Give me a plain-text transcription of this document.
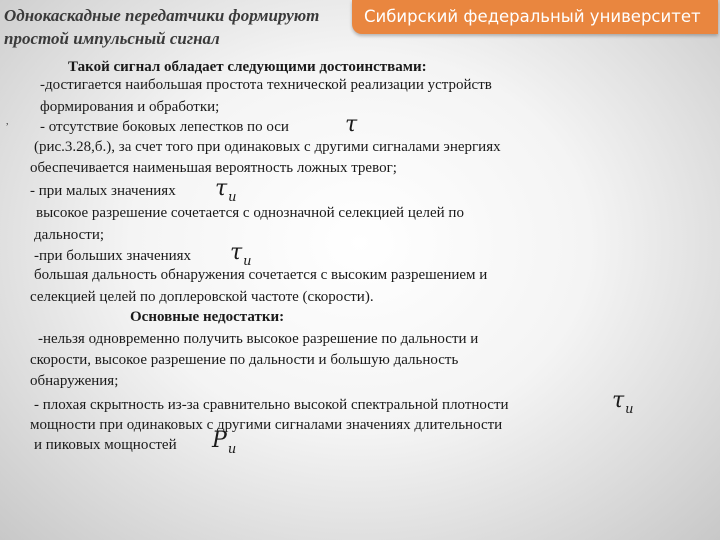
Сибирский федеральный университет
Однокаскадные передатчики формируют
простой импульсный сигнал
,
Такой сигнал обладает следующими достоинствами:
-достигается наибольшая простота технической реализации устройств
формирования и обработки;
- отсутствие боковых лепестков по оси	τ
(рис.3.28,б.), за счет того при одинаковых с другими сигналами энергиях
обеспечивается наименьшая вероятность ложных тревог;
- при малых значениях $\tau_и$
высокое разрешение сочетается с однозначной селекцией целей по
дальности;
-при больших значениях $\tau_и$
большая дальность обнаружения сочетается с высоким разрешением и
селекцией целей по доплеровской частоте (скорости).
Основные недостатки:
-нельзя одновременно получить высокое разрешение по дальности и
скорости, высокое разрешение по дальности и большую дальность
обнаружения;
- плохая скрытность из-за сравнительно высокой спектральной плотности	$\tau_и$
мощности при одинаковых с другими сигналами значениях длительности
и пиковых мощностей $P_и$
